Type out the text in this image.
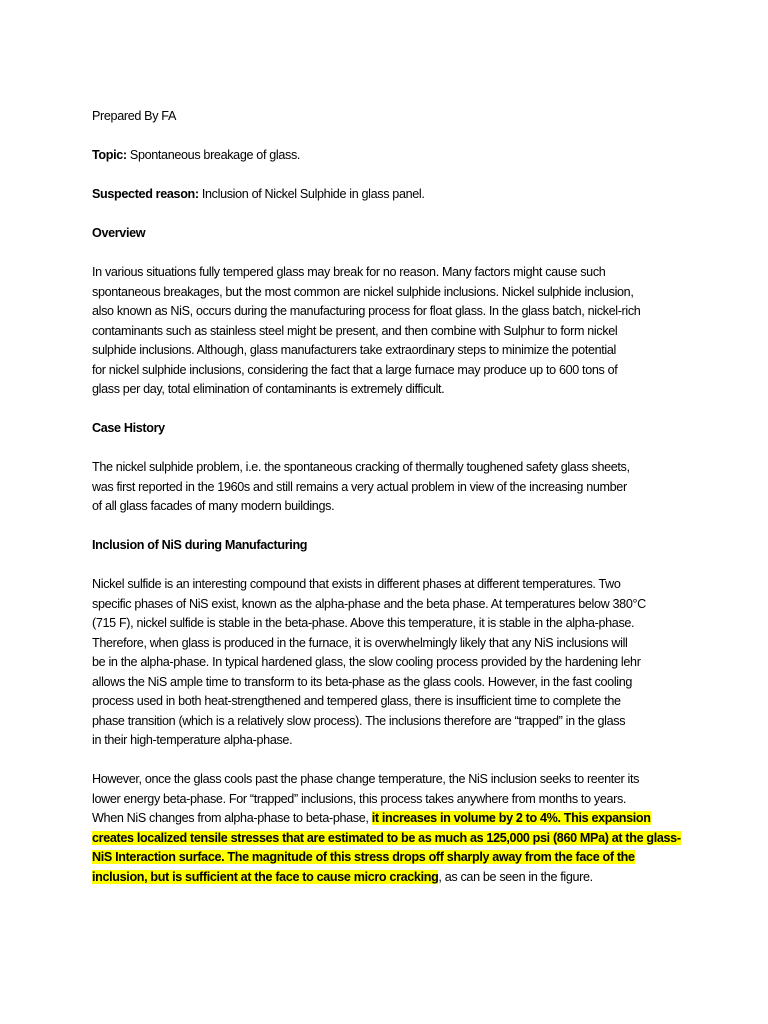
Prepared By FA

Topic: Spontaneous breakage of glass.

Suspected reason: Inclusion of Nickel Sulphide in glass panel.

Overview

In various situations fully tempered glass may break for no reason. Many factors might cause such
spontaneous breakages, but the most common are nickel sulphide inclusions. Nickel sulphide inclusion,
also known as NiS, occurs during the manufacturing process for float glass. In the glass batch, nickel-rich
contaminants such as stainless steel might be present, and then combine with Sulphur to form nickel
sulphide inclusions. Although, glass manufacturers take extraordinary steps to minimize the potential
for nickel sulphide inclusions, considering the fact that a large furnace may produce up to 600 tons of
glass per day, total elimination of contaminants is extremely difficult.

Case History

The nickel sulphide problem, i.e. the spontaneous cracking of thermally toughened safety glass sheets,
was first reported in the 1960s and still remains a very actual problem in view of the increasing number
of all glass facades of many modern buildings.

Inclusion of NiS during Manufacturing

Nickel sulfide is an interesting compound that exists in different phases at different temperatures. Two
specific phases of NiS exist, known as the alpha-phase and the beta phase. At temperatures below 380°C
(715 F), nickel sulfide is stable in the beta-phase. Above this temperature, it is stable in the alpha-phase.
Therefore, when glass is produced in the furnace, it is overwhelmingly likely that any NiS inclusions will
be in the alpha-phase. In typical hardened glass, the slow cooling process provided by the hardening lehr
allows the NiS ample time to transform to its beta-phase as the glass cools. However, in the fast cooling
process used in both heat-strengthened and tempered glass, there is insufficient time to complete the
phase transition (which is a relatively slow process). The inclusions therefore are “trapped” in the glass
in their high-temperature alpha-phase.

However, once the glass cools past the phase change temperature, the NiS inclusion seeks to reenter its
lower energy beta-phase. For “trapped” inclusions, this process takes anywhere from months to years.
When NiS changes from alpha-phase to beta-phase, it increases in volume by 2 to 4%. This expansion
creates localized tensile stresses that are estimated to be as much as 125,000 psi (860 MPa) at the glass-
NiS Interaction surface. The magnitude of this stress drops off sharply away from the face of the
inclusion, but is sufficient at the face to cause micro cracking, as can be seen in the figure.
